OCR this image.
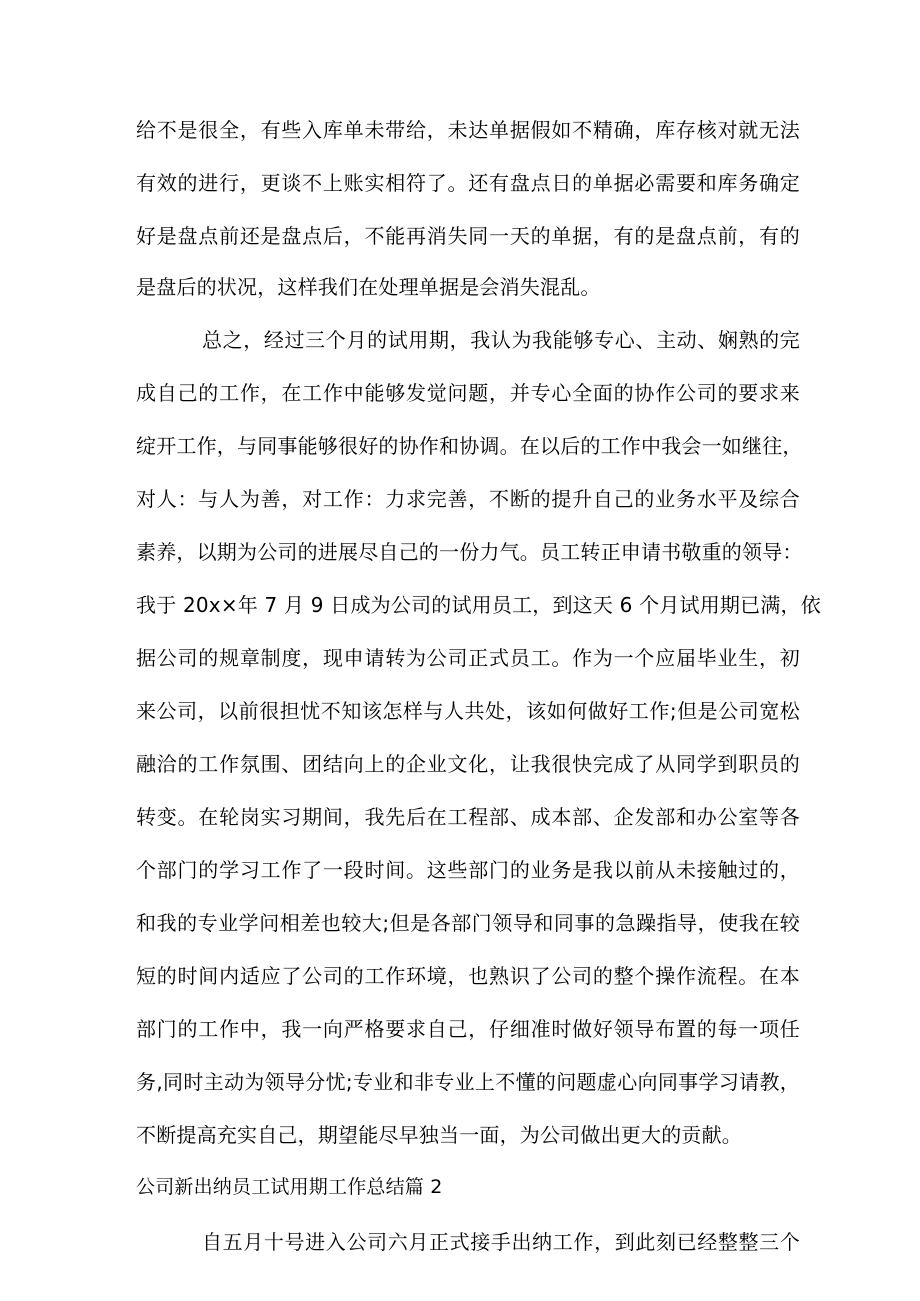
给不是很全，有些入库单未带给，未达单据假如不精确，库存核对就无法
有效的进行，更谈不上账实相符了。还有盘点日的单据必需要和库务确定
好是盘点前还是盘点后，不能再消失同一天的单据，有的是盘点前，有的
是盘后的状况，这样我们在处理单据是会消失混乱。
总之，经过三个月的试用期，我认为我能够专心、主动、娴熟的完
成自己的工作，在工作中能够发觉问题，并专心全面的协作公司的要求来
绽开工作，与同事能够很好的协作和协调。在以后的工作中我会一如继往，
对人：与人为善，对工作：力求完善，不断的提升自己的业务水平及综合
素养，以期为公司的进展尽自己的一份力气。员工转正申请书敬重的领导：
我于 20x×年 7 月 9 日成为公司的试用员工，到这天 6 个月试用期已满，依
据公司的规章制度，现申请转为公司正式员工。作为一个应届毕业生，初
来公司，以前很担忧不知该怎样与人共处，该如何做好工作;但是公司宽松
融洽的工作氛围、团结向上的企业文化，让我很快完成了从同学到职员的
转变。在轮岗实习期间，我先后在工程部、成本部、企发部和办公室等各
个部门的学习工作了一段时间。这些部门的业务是我以前从未接触过的，
和我的专业学问相差也较大;但是各部门领导和同事的急躁指导，使我在较
短的时间内适应了公司的工作环境，也熟识了公司的整个操作流程。在本
部门的工作中，我一向严格要求自己，仔细准时做好领导布置的每一项任
务,同时主动为领导分忧;专业和非专业上不懂的问题虚心向同事学习请教，
不断提高充实自己，期望能尽早独当一面，为公司做出更大的贡献。
公司新出纳员工试用期工作总结篇 2
自五月十号进入公司六月正式接手出纳工作，到此刻已经整整三个
